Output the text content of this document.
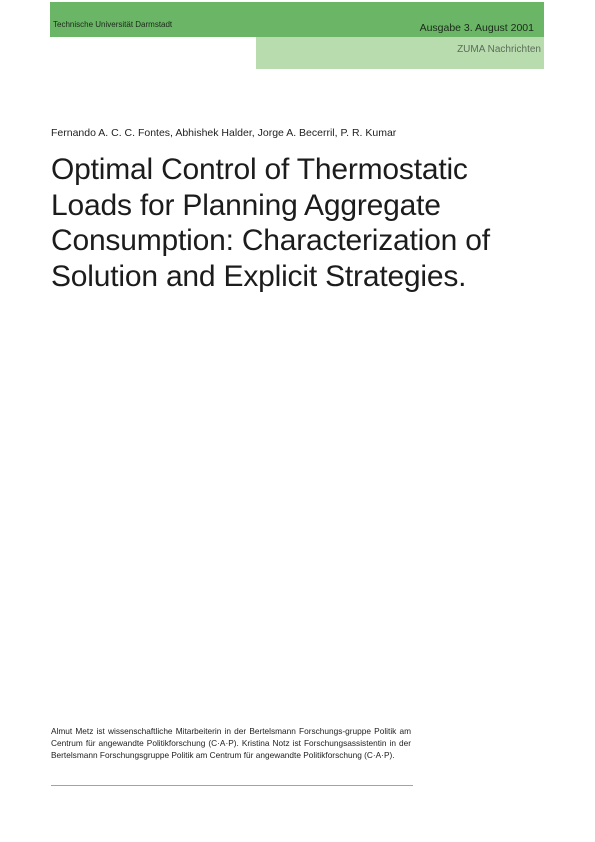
Technische Universität Darmstadt	Ausgabe 3. August 2001
ZUMA Nachrichten
Fernando A. C. C. Fontes, Abhishek Halder, Jorge A. Becerril, P. R. Kumar
Optimal Control of Thermostatic
Loads for Planning Aggregate
Consumption: Characterization of
Solution and Explicit Strategies.

Almut Metz ist wissenschaftliche Mitarbeiterin in der Bertelsmann Forschungs-gruppe Politik am Centrum für angewandte Politikforschung (C·A·P). Kristina Notz ist Forschungsassistentin in der Bertelsmann Forschungsgruppe Politik am Centrum für angewandte Politikforschung (C·A·P).
